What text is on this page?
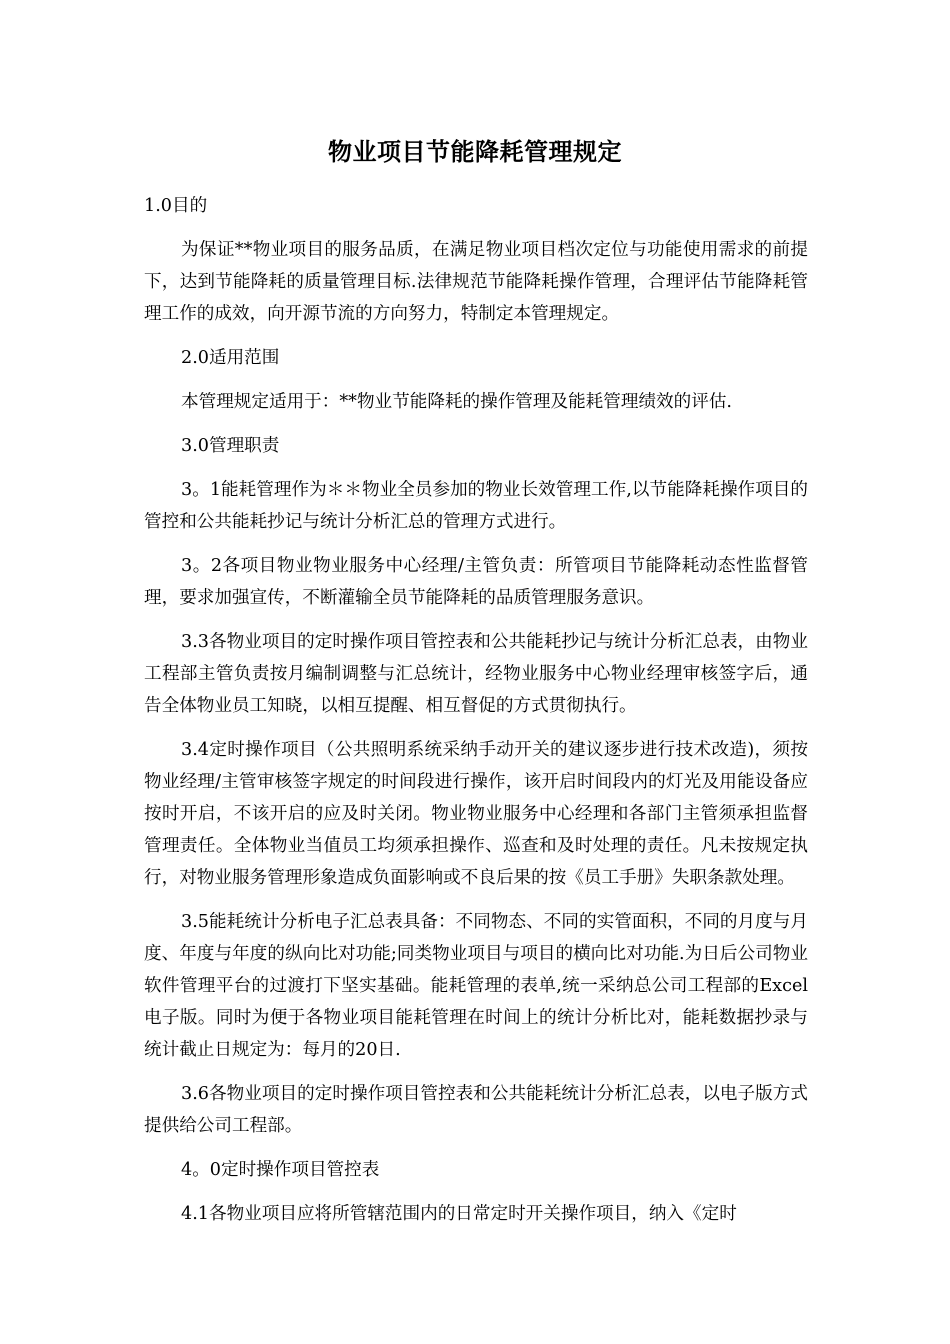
物业项目节能降耗管理规定

1.0目的

为保证**物业项目的服务品质，在满足物业项目档次定位与功能使用需求的前提下，达到节能降耗的质量管理目标.法律规范节能降耗操作管理，合理评估节能降耗管理工作的成效，向开源节流的方向努力，特制定本管理规定。

2.0适用范围

本管理规定适用于：**物业节能降耗的操作管理及能耗管理绩效的评估.

3.0管理职责

3。1能耗管理作为＊＊物业全员参加的物业长效管理工作,以节能降耗操作项目的管控和公共能耗抄记与统计分析汇总的管理方式进行。

3。2各项目物业物业服务中心经理/主管负责：所管项目节能降耗动态性监督管理，要求加强宣传，不断灌输全员节能降耗的品质管理服务意识。

3.3各物业项目的定时操作项目管控表和公共能耗抄记与统计分析汇总表，由物业工程部主管负责按月编制调整与汇总统计，经物业服务中心物业经理审核签字后，通告全体物业员工知晓，以相互提醒、相互督促的方式贯彻执行。

3.4定时操作项目（公共照明系统采纳手动开关的建议逐步进行技术改造)，须按物业经理/主管审核签字规定的时间段进行操作，该开启时间段内的灯光及用能设备应按时开启，不该开启的应及时关闭。物业物业服务中心经理和各部门主管须承担监督管理责任。全体物业当值员工均须承担操作、巡查和及时处理的责任。凡未按规定执行，对物业服务管理形象造成负面影响或不良后果的按《员工手册》失职条款处理。

3.5能耗统计分析电子汇总表具备：不同物态、不同的实管面积，不同的月度与月度、年度与年度的纵向比对功能;同类物业项目与项目的横向比对功能.为日后公司物业软件管理平台的过渡打下坚实基础。能耗管理的表单,统一采纳总公司工程部的Excel电子版。同时为便于各物业项目能耗管理在时间上的统计分析比对，能耗数据抄录与统计截止日规定为：每月的20日.

3.6各物业项目的定时操作项目管控表和公共能耗统计分析汇总表，以电子版方式提供给公司工程部。

4。0定时操作项目管控表

4.1各物业项目应将所管辖范围内的日常定时开关操作项目，纳入《定时
